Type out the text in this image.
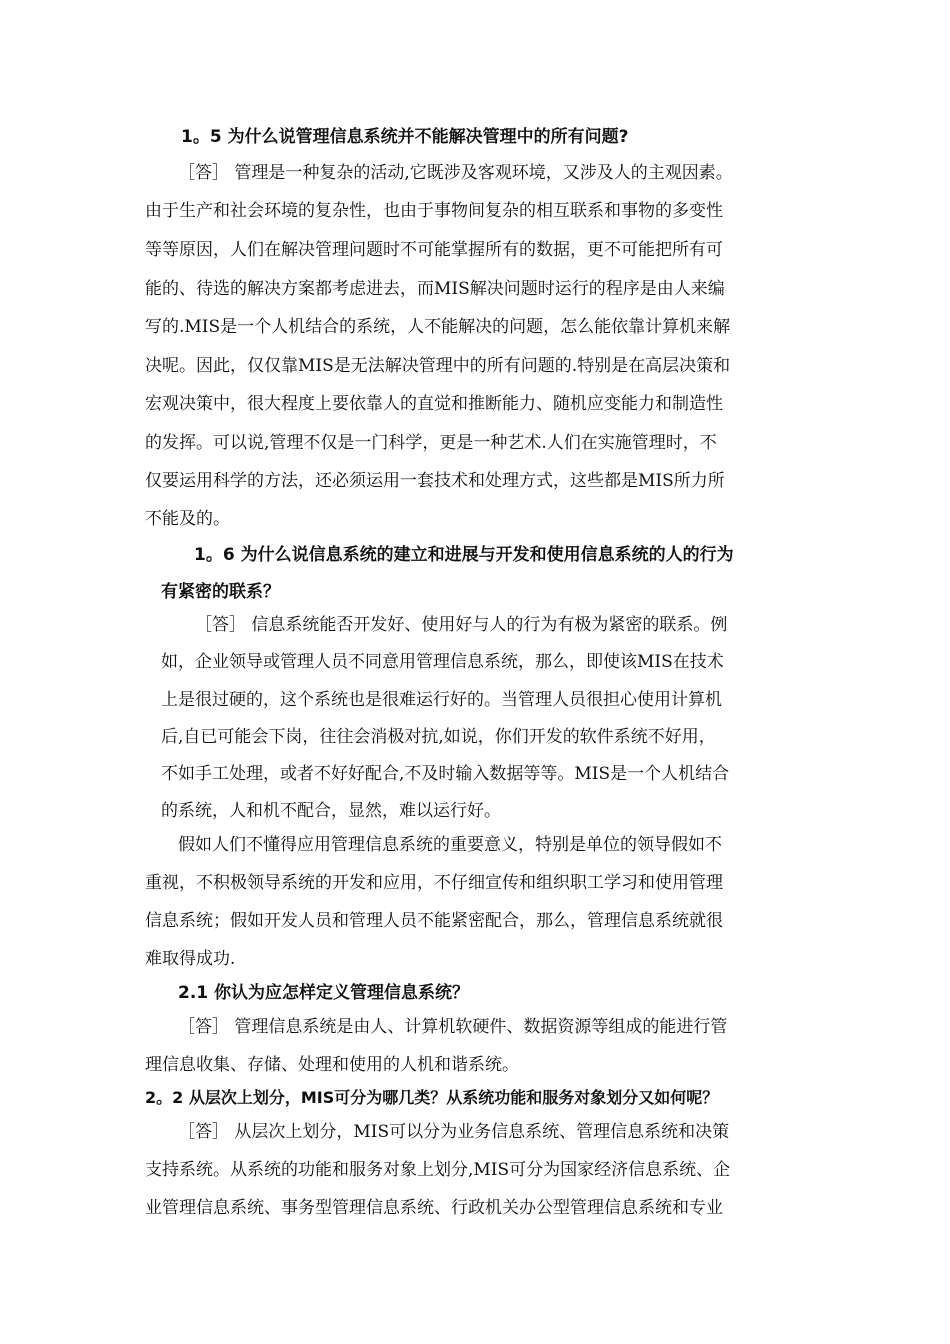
1。5 为什么说管理信息系统并不能解决管理中的所有问题?
［答］ 管理是一种复杂的活动,它既涉及客观环境，又涉及人的主观因素。
由于生产和社会环境的复杂性，也由于事物间复杂的相互联系和事物的多变性
等等原因，人们在解决管理问题时不可能掌握所有的数据，更不可能把所有可
能的、待选的解决方案都考虑进去，而MIS解决问题时运行的程序是由人来编
写的.MIS是一个人机结合的系统，人不能解决的问题，怎么能依靠计算机来解
决呢。因此，仅仅靠MIS是无法解决管理中的所有问题的.特别是在高层决策和
宏观决策中，很大程度上要依靠人的直觉和推断能力、随机应变能力和制造性
的发挥。可以说,管理不仅是一门科学，更是一种艺术.人们在实施管理时，不
仅要运用科学的方法，还必须运用一套技术和处理方式，这些都是MIS所力所
不能及的。
1。6 为什么说信息系统的建立和进展与开发和使用信息系统的人的行为
有紧密的联系？
［答］ 信息系统能否开发好、使用好与人的行为有极为紧密的联系。例
如，企业领导或管理人员不同意用管理信息系统，那么，即使该MIS在技术
上是很过硬的，这个系统也是很难运行好的。当管理人员很担心使用计算机
后,自已可能会下岗，往往会消极对抗,如说，你们开发的软件系统不好用，
不如手工处理，或者不好好配合,不及时输入数据等等。MIS是一个人机结合
的系统，人和机不配合，显然，难以运行好。
假如人们不懂得应用管理信息系统的重要意义，特别是单位的领导假如不
重视，不积极领导系统的开发和应用，不仔细宣传和组织职工学习和使用管理
信息系统；假如开发人员和管理人员不能紧密配合，那么，管理信息系统就很
难取得成功.
2.1 你认为应怎样定义管理信息系统？
［答］ 管理信息系统是由人、计算机软硬件、数据资源等组成的能进行管
理信息收集、存储、处理和使用的人机和谐系统。
2。2 从层次上划分，MIS可分为哪几类？从系统功能和服务对象划分又如何呢？
［答］ 从层次上划分，MIS可以分为业务信息系统、管理信息系统和决策
支持系统。从系统的功能和服务对象上划分,MIS可分为国家经济信息系统、企
业管理信息系统、事务型管理信息系统、行政机关办公型管理信息系统和专业
